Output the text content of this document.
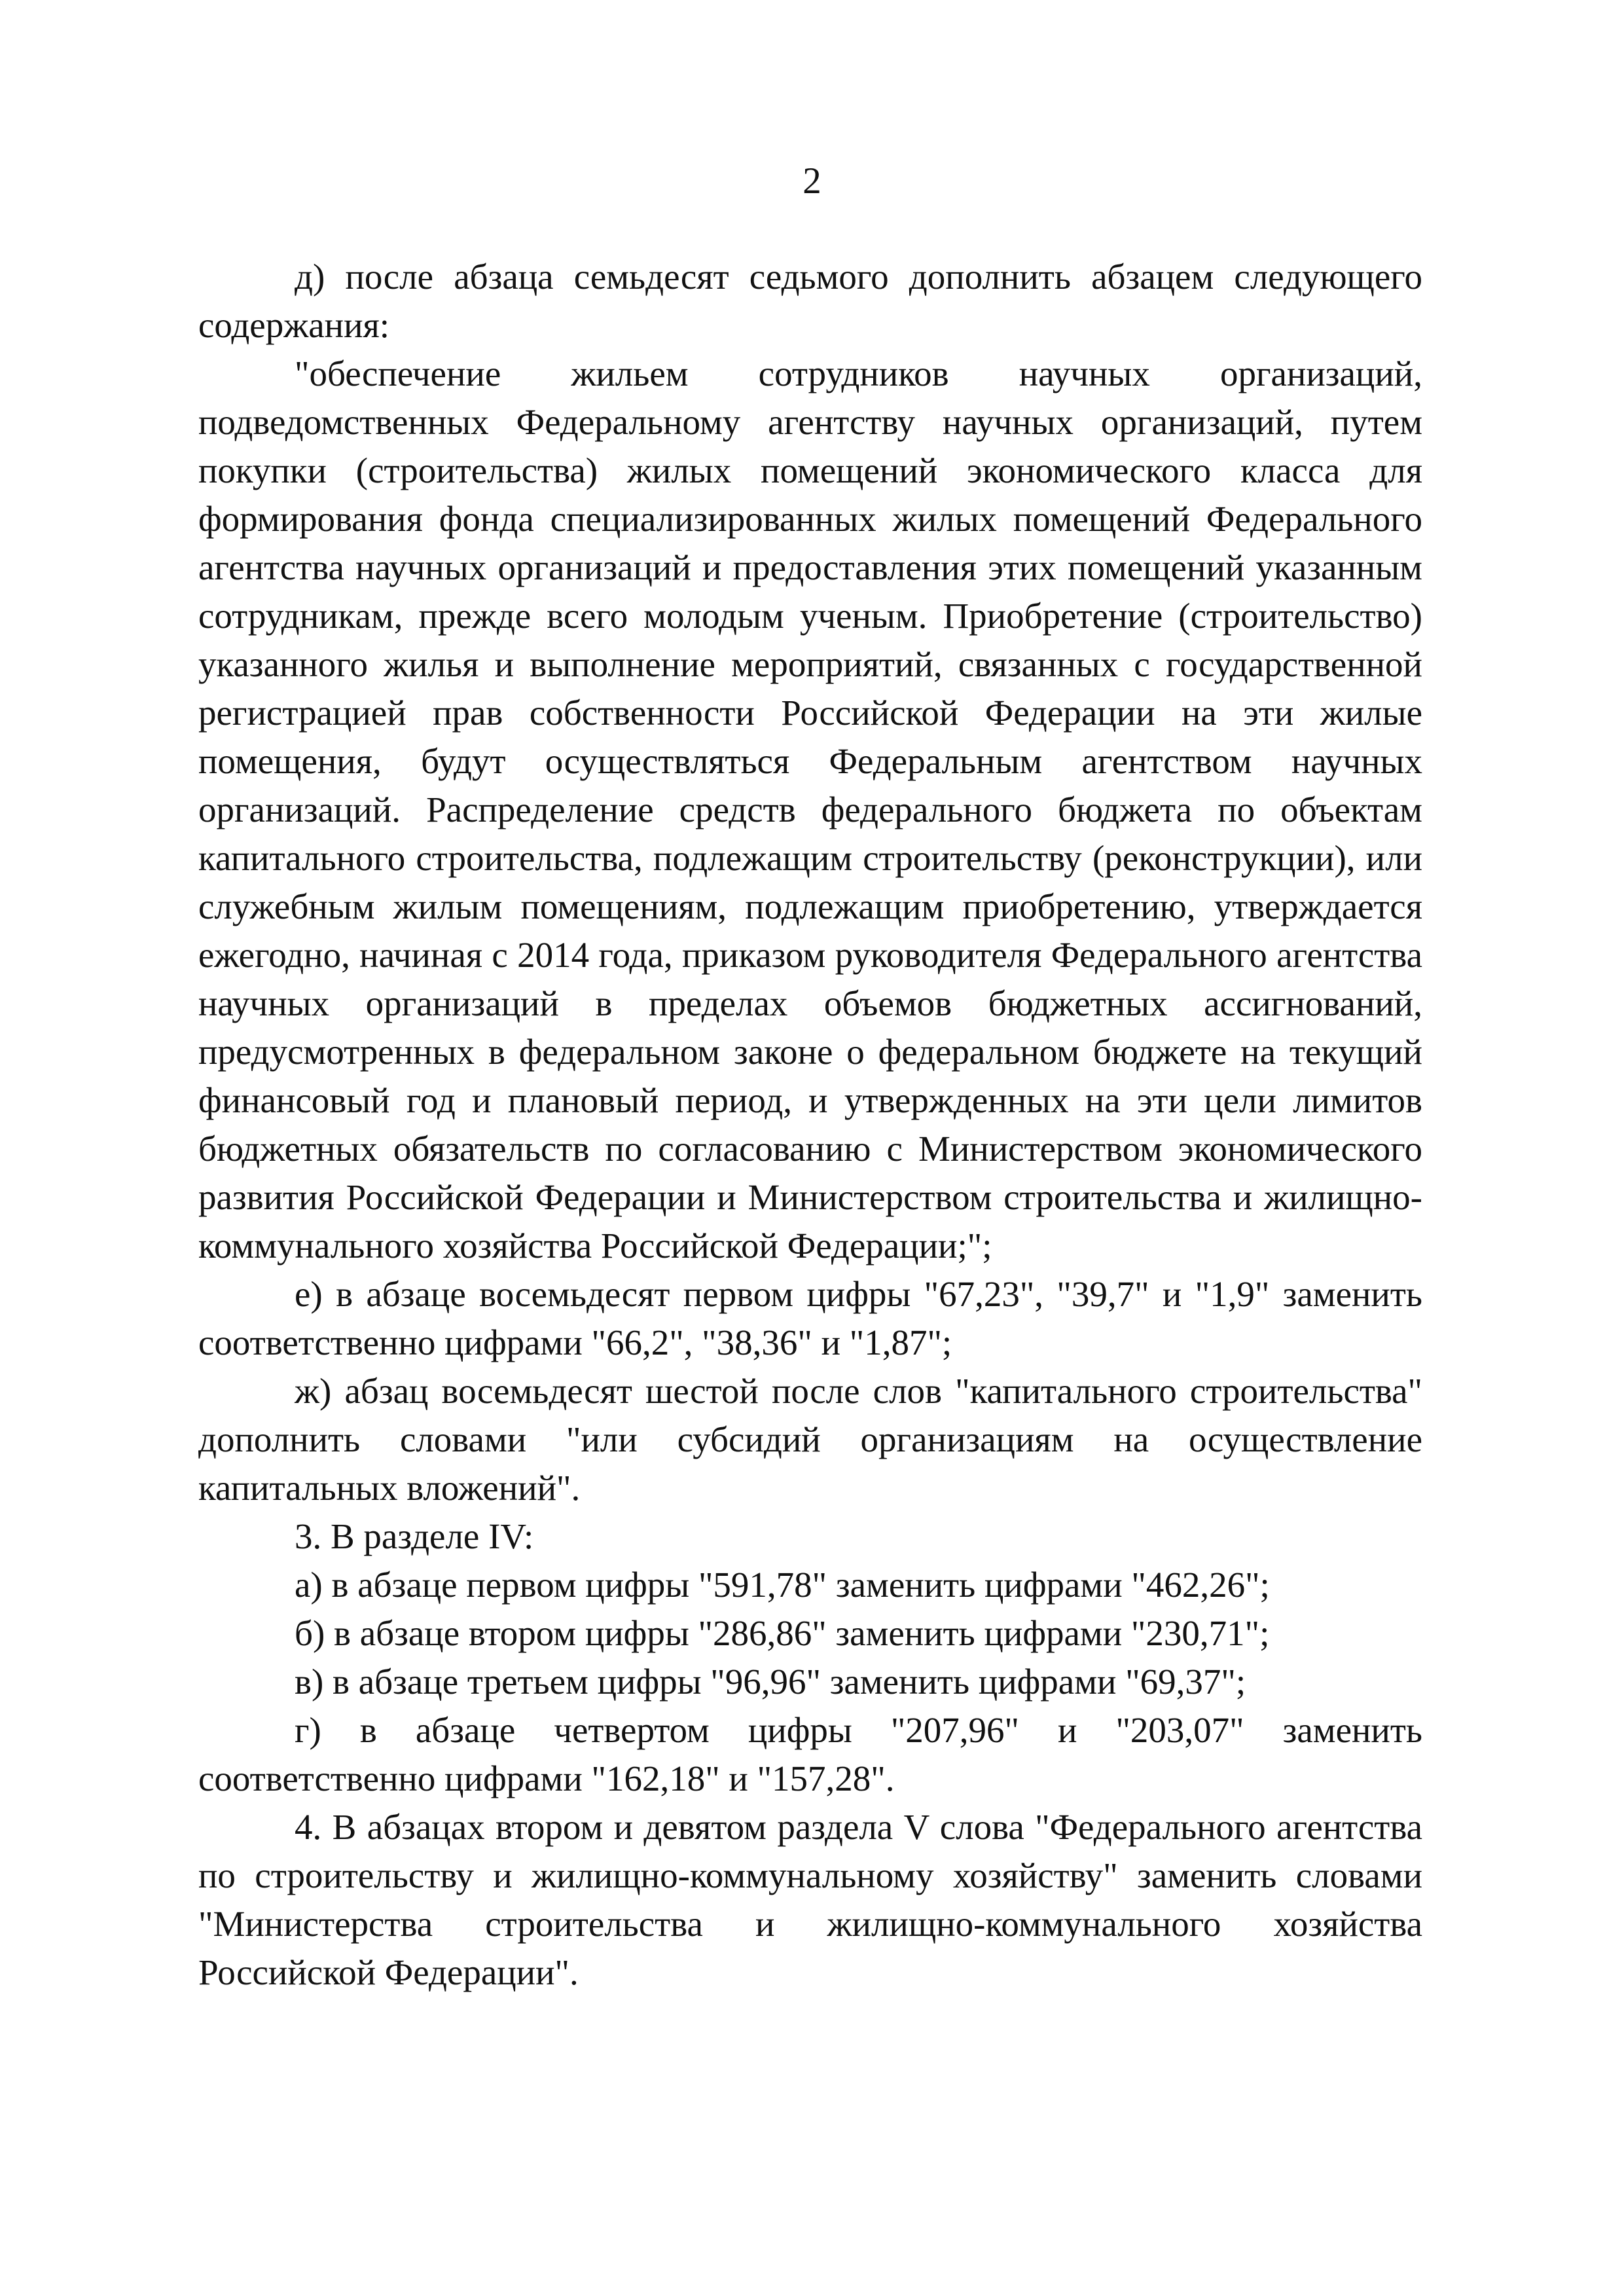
2

д) после абзаца семьдесят седьмого дополнить абзацем следующего содержания:

"обеспечение жильем сотрудников научных организаций, подведомственных Федеральному агентству научных организаций, путем покупки (строительства) жилых помещений экономического класса для формирования фонда специализированных жилых помещений Федерального агентства научных организаций и предоставления этих помещений указанным сотрудникам, прежде всего молодым ученым. Приобретение (строительство) указанного жилья и выполнение мероприятий, связанных с государственной регистрацией прав собственности Российской Федерации на эти жилые помещения, будут осуществляться Федеральным агентством научных организаций. Распределение средств федерального бюджета по объектам капитального строительства, подлежащим строительству (реконструкции), или служебным жилым помещениям, подлежащим приобретению, утверждается ежегодно, начиная с 2014 года, приказом руководителя Федерального агентства научных организаций в пределах объемов бюджетных ассигнований, предусмотренных в федеральном законе о федеральном бюджете на текущий финансовый год и плановый период, и утвержденных на эти цели лимитов бюджетных обязательств по согласованию с Министерством экономического развития Российской Федерации и Министерством строительства и жилищно-коммунального хозяйства Российской Федерации;";

е) в абзаце восемьдесят первом цифры "67,23", "39,7" и "1,9" заменить соответственно цифрами "66,2", "38,36" и "1,87";

ж) абзац восемьдесят шестой после слов "капитального строительства" дополнить словами "или субсидий организациям на осуществление капитальных вложений".

3. В разделе IV:

а) в абзаце первом цифры "591,78" заменить цифрами "462,26";

б) в абзаце втором цифры "286,86" заменить цифрами "230,71";

в) в абзаце третьем цифры "96,96" заменить цифрами "69,37";

г) в абзаце четвертом цифры "207,96" и "203,07" заменить соответственно цифрами "162,18" и "157,28".

4. В абзацах втором и девятом раздела V слова "Федерального агентства по строительству и жилищно-коммунальному хозяйству" заменить словами "Министерства строительства и жилищно-коммунального хозяйства Российской Федерации".
